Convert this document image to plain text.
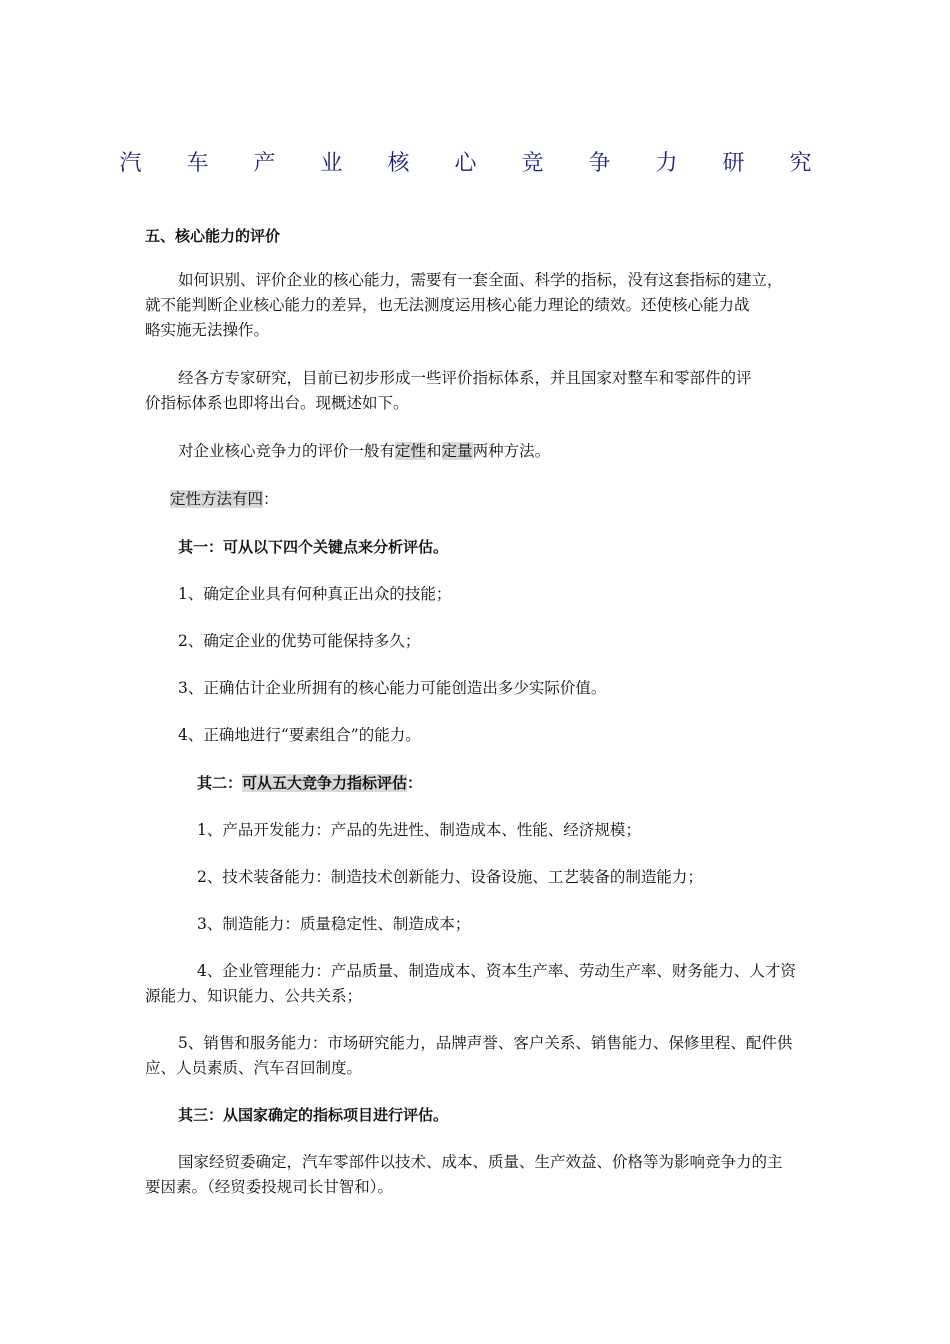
汽 车 产 业 核 心 竞 争 力 研 究
五、核心能力的评价
如何识别、评价企业的核心能力，需要有一套全面、科学的指标，没有这套指标的建立，
就不能判断企业核心能力的差异，也无法测度运用核心能力理论的绩效。还使核心能力战
略实施无法操作。
经各方专家研究，目前已初步形成一些评价指标体系，并且国家对整车和零部件的评
价指标体系也即将出台。现概述如下。
对企业核心竞争力的评价一般有定性和定量两种方法。
定性方法有四：
其一：可从以下四个关键点来分析评估。
1、确定企业具有何种真正出众的技能；
2、确定企业的优势可能保持多久；
3、正确估计企业所拥有的核心能力可能创造出多少实际价值。
4、正确地进行“要素组合”的能力。
其二：可从五大竞争力指标评估：
1、产品开发能力：产品的先进性、制造成本、性能、经济规模；
2、技术装备能力：制造技术创新能力、设备设施、工艺装备的制造能力；
3、制造能力：质量稳定性、制造成本；
4、企业管理能力：产品质量、制造成本、资本生产率、劳动生产率、财务能力、人才资
源能力、知识能力、公共关系；
5、销售和服务能力：市场研究能力，品牌声誉、客户关系、销售能力、保修里程、配件供
应、人员素质、汽车召回制度。
其三：从国家确定的指标项目进行评估。
国家经贸委确定，汽车零部件以技术、成本、质量、生产效益、价格等为影响竞争力的主
要因素。（经贸委投规司长甘智和）。
